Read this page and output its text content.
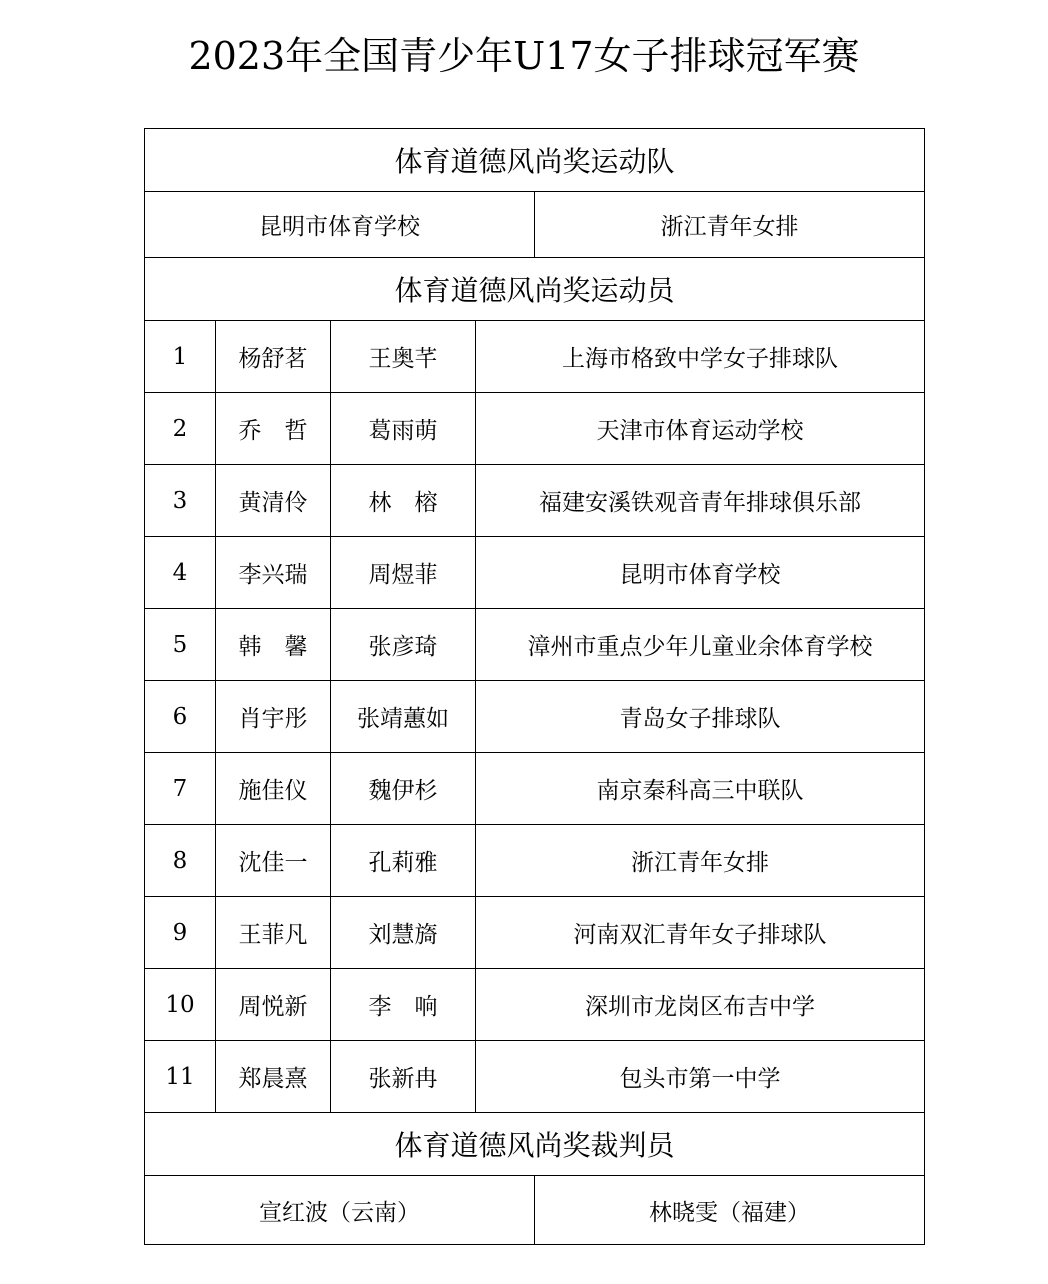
2023年全国青少年U17女子排球冠军赛
体育道德风尚奖运动队				
昆明市体育学校				浙江青年女排
体育道德风尚奖运动员				
1	杨舒茗	王奥芊	上海市格致中学女子排球队	
2	乔　哲	葛雨萌	天津市体育运动学校	
3	黄清伶	林　榕	福建安溪铁观音青年排球俱乐部	
4	李兴瑞	周煜菲	昆明市体育学校	
5	韩　馨	张彦琦	漳州市重点少年儿童业余体育学校	
6	肖宇彤	张靖蕙如	青岛女子排球队	
7	施佳仪	魏伊杉	南京秦科高三中联队	
8	沈佳一	孔莉雅	浙江青年女排	
9	王菲凡	刘慧旖	河南双汇青年女子排球队	
10	周悦新	李　响	深圳市龙岗区布吉中学	
11	郑晨熹	张新冉	包头市第一中学	
体育道德风尚奖裁判员				
宣红波（云南）				林晓雯（福建）
